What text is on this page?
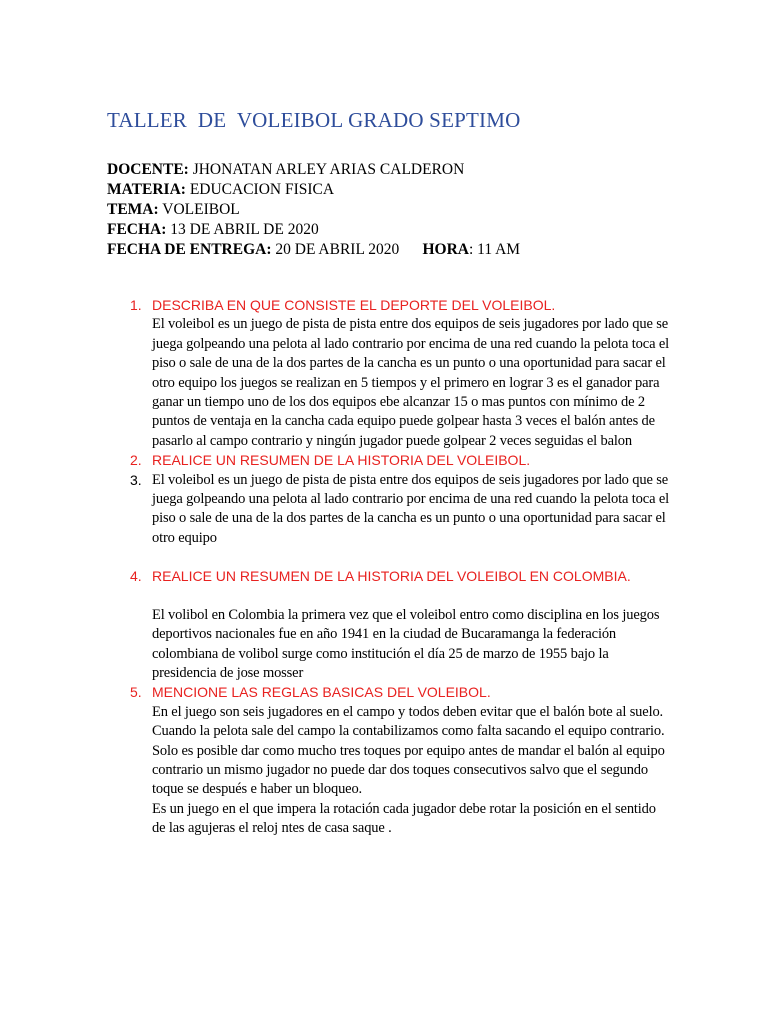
TALLER  DE  VOLEIBOL GRADO SEPTIMO
DOCENTE: JHONATAN ARLEY ARIAS CALDERON
MATERIA: EDUCACION FISICA
TEMA: VOLEIBOL
FECHA: 13 DE ABRIL DE 2020
FECHA DE ENTREGA: 20 DE ABRIL 2020      HORA: 11 AM
1. DESCRIBA EN QUE CONSISTE EL DEPORTE DEL VOLEIBOL.
El voleibol es un juego de pista de pista entre dos equipos de seis jugadores por lado que se juega golpeando una pelota al lado contrario por encima de una red cuando la pelota toca el piso o sale de una de la dos partes de la cancha es un punto o una oportunidad para sacar el otro equipo los juegos se realizan en 5 tiempos y el primero en lograr 3 es el ganador para ganar un tiempo uno de los dos equipos ebe alcanzar 15 o mas puntos con mínimo de 2 puntos de ventaja en la cancha cada equipo puede golpear hasta 3 veces el balón antes de pasarlo al campo contrario y ningún jugador puede golpear 2 veces seguidas el balon
2. REALICE UN RESUMEN DE LA HISTORIA DEL VOLEIBOL.
3. El voleibol es un juego de pista de pista entre dos equipos de seis jugadores por lado que se juega golpeando una pelota al lado contrario por encima de una red cuando la pelota toca el piso o sale de una de la dos partes de la cancha es un punto o una oportunidad para sacar el otro equipo
4. REALICE UN RESUMEN DE LA HISTORIA DEL VOLEIBOL EN COLOMBIA.
El volibol en Colombia la primera vez que el voleibol entro como disciplina en los juegos deportivos nacionales fue en año 1941 en la ciudad de Bucaramanga la federación colombiana de volibol surge como institución el día 25 de marzo de 1955 bajo la presidencia de jose mosser
5. MENCIONE LAS REGLAS BASICAS DEL VOLEIBOL.
En el juego son seis jugadores en el campo y todos deben evitar que el balón bote al suelo.
Cuando la pelota sale del campo la contabilizamos como falta sacando el equipo contrario.
Solo es posible dar como mucho tres toques por equipo antes de mandar el balón al equipo contrario un mismo jugador no puede dar dos toques consecutivos salvo que el segundo toque se después e haber un bloqueo.
Es un juego en el que impera la rotación cada jugador debe rotar la posición en el sentido de las agujeras el reloj ntes de casa saque .
